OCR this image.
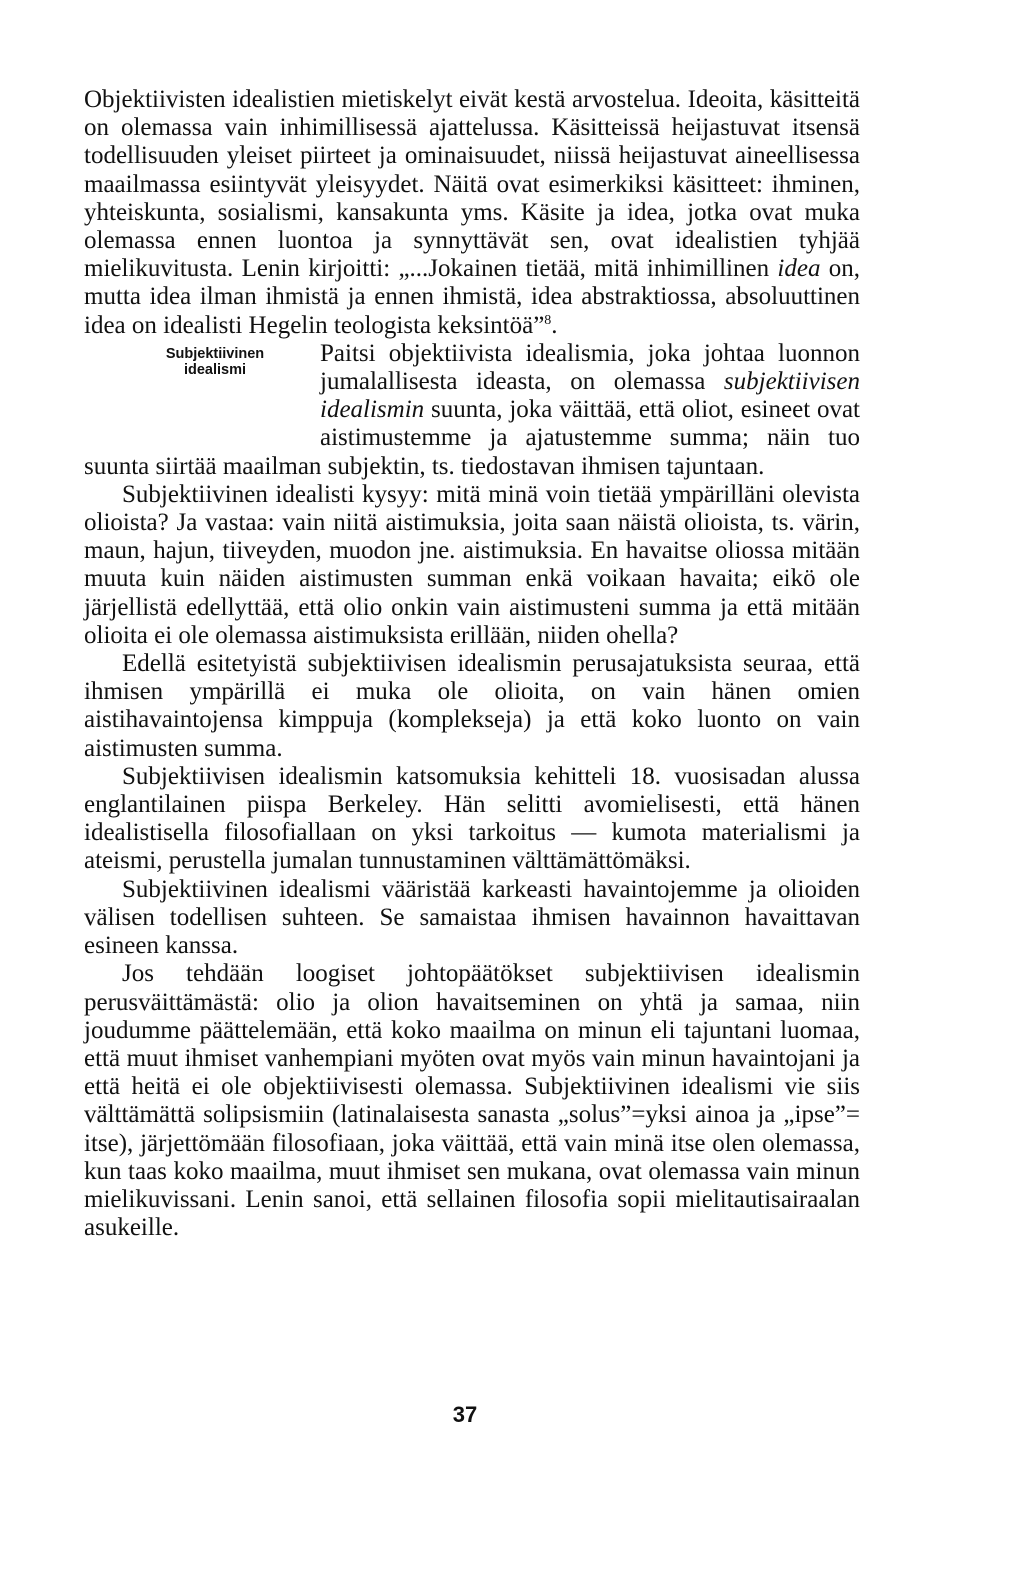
Objektiivisten idealistien mietiskelyt eivät kestä arvostelua. Ideoita, käsitteitä on olemassa vain inhimillisessä ajattelussa. Käsitteissä heijastuvat itsensä todellisuuden yleiset piirteet ja ominaisuudet, niissä heijastuvat aineellisessa maailmassa esiintyvät yleisyydet. Näitä ovat esimerkiksi käsitteet: ihminen, yhteiskunta, sosialismi, kansakunta yms. Käsite ja idea, jotka ovat muka olemassa ennen luontoa ja synnyttävät sen, ovat idealistien tyhjää mielikuvitusta. Lenin kirjoitti: „...Jokainen tietää, mitä inhimillinen idea on, mutta idea ilman ihmistä ja ennen ihmistä, idea abstraktiossa, absoluuttinen idea on idealisti Hegelin teologista keksintöä”$^8$.

Subjektiivinen
idealismi

Paitsi objektiivista idealismia, joka johtaa luonnon jumalallisesta ideasta, on olemassa subjektiivisen idealismin suunta, joka väittää, että oliot, esineet ovat aistimustemme ja ajatustemme summa; näin tuo suunta siirtää maailman subjektin, ts. tiedostavan ihmisen tajuntaan.

Subjektiivinen idealisti kysyy: mitä minä voin tietää ympärilläni olevista olioista? Ja vastaa: vain niitä aistimuksia, joita saan näistä olioista, ts. värin, maun, hajun, tiiveyden, muodon jne. aistimuksia. En havaitse oliossa mitään muuta kuin näiden aistimusten summan enkä voikaan havaita; eikö ole järjellistä edellyttää, että olio onkin vain aistimusteni summa ja että mitään olioita ei ole olemassa aistimuksista erillään, niiden ohella?

Edellä esitetyistä subjektiivisen idealismin perusajatuksista seuraa, että ihmisen ympärillä ei muka ole olioita, on vain hänen omien aistihavaintojensa kimppuja (komplekseja) ja että koko luonto on vain aistimusten summa.

Subjektiivisen idealismin katsomuksia kehitteli 18. vuosisadan alussa englantilainen piispa Berkeley. Hän selitti avomielisesti, että hänen idealistisella filosofiallaan on yksi tarkoitus — kumota materialismi ja ateismi, perustella jumalan tunnustaminen välttämättömäksi.

Subjektiivinen idealismi vääristää karkeasti havaintojemme ja olioiden välisen todellisen suhteen. Se samaistaa ihmisen havainnon havaittavan esineen kanssa.

Jos tehdään loogiset johtopäätökset subjektiivisen idealismin perusväittämästä: olio ja olion havaitseminen on yhtä ja samaa, niin joudumme päättelemään, että koko maailma on minun eli tajuntani luomaa, että muut ihmiset vanhempiani myöten ovat myös vain minun havaintojani ja että heitä ei ole objektiivisesti olemassa. Subjektiivinen idealismi vie siis välttämättä solipsismiin (latinalaisesta sanasta „solus”=yksi ainoa ja „ipse”= itse), järjettömään filosofiaan, joka väittää, että vain minä itse olen olemassa, kun taas koko maailma, muut ihmiset sen mukana, ovat olemassa vain minun mielikuvissani. Lenin sanoi, että sellainen filosofia sopii mielitautisairaalan asukeille.

37
